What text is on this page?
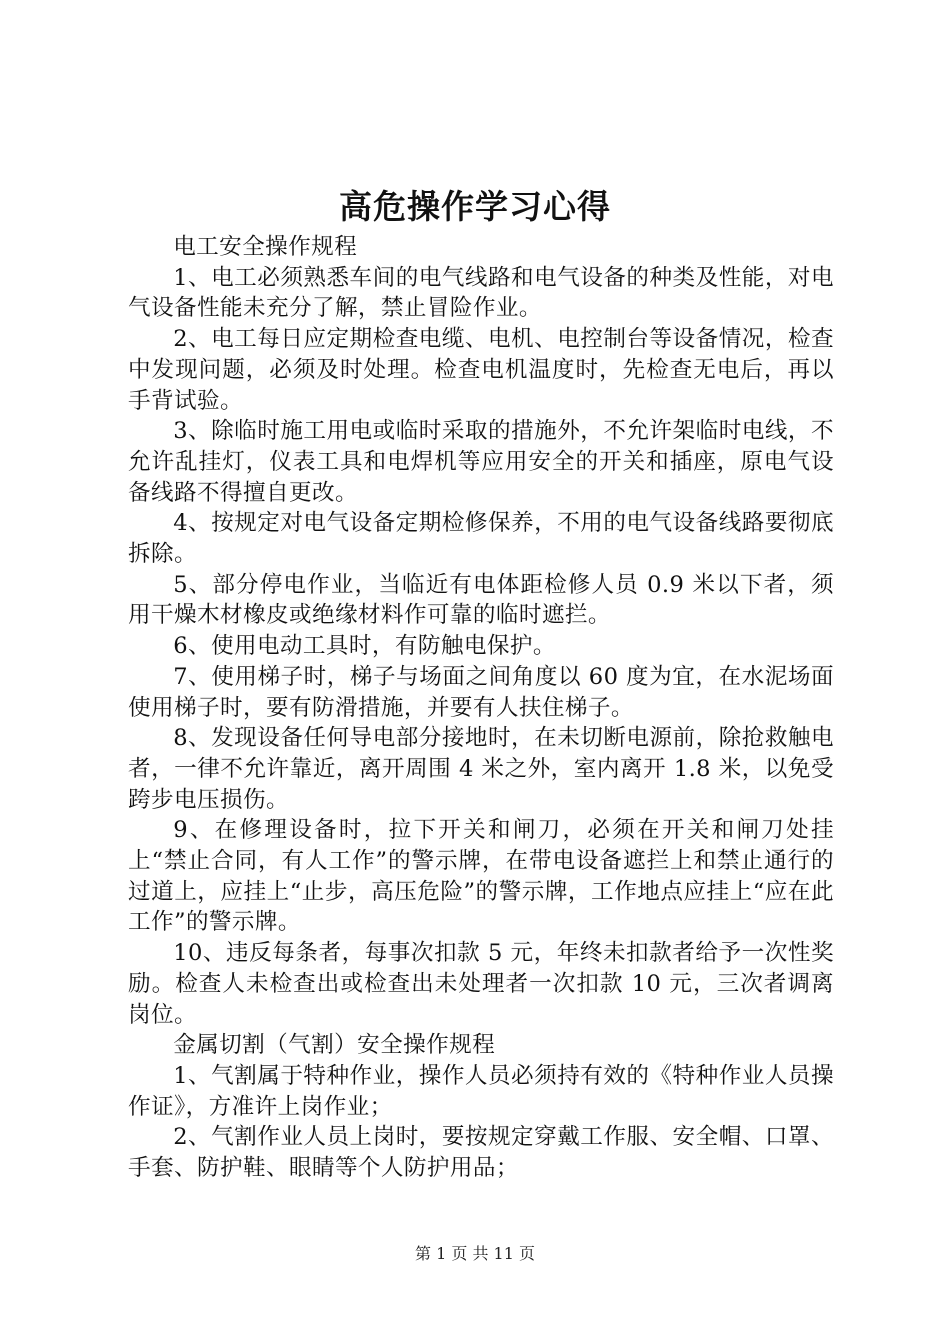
高危操作学习心得

电工安全操作规程

1、电工必须熟悉车间的电气线路和电气设备的种类及性能，对电气设备性能未充分了解，禁止冒险作业。

2、电工每日应定期检查电缆、电机、电控制台等设备情况，检查中发现问题，必须及时处理。检查电机温度时，先检查无电后，再以手背试验。

3、除临时施工用电或临时采取的措施外，不允许架临时电线，不允许乱挂灯，仪表工具和电焊机等应用安全的开关和插座，原电气设备线路不得擅自更改。

4、按规定对电气设备定期检修保养，不用的电气设备线路要彻底拆除。

5、部分停电作业，当临近有电体距检修人员 0.9 米以下者，须用干燥木材橡皮或绝缘材料作可靠的临时遮拦。

6、使用电动工具时，有防触电保护。

7、使用梯子时，梯子与场面之间角度以 60 度为宜，在水泥场面使用梯子时，要有防滑措施，并要有人扶住梯子。

8、发现设备任何导电部分接地时，在未切断电源前，除抢救触电者，一律不允许靠近，离开周围 4 米之外，室内离开 1.8 米，以免受跨步电压损伤。

9、在修理设备时，拉下开关和闸刀，必须在开关和闸刀处挂上“禁止合同，有人工作”的警示牌，在带电设备遮拦上和禁止通行的过道上，应挂上“止步，高压危险”的警示牌，工作地点应挂上“应在此工作”的警示牌。

10、违反每条者，每事次扣款 5 元，年终未扣款者给予一次性奖励。检查人未检查出或检查出未处理者一次扣款 10 元，三次者调离岗位。

金属切割（气割）安全操作规程

1、气割属于特种作业，操作人员必须持有效的《特种作业人员操作证》，方准许上岗作业；

2、气割作业人员上岗时，要按规定穿戴工作服、安全帽、口罩、手套、防护鞋、眼睛等个人防护用品；

第 1 页 共 11 页
